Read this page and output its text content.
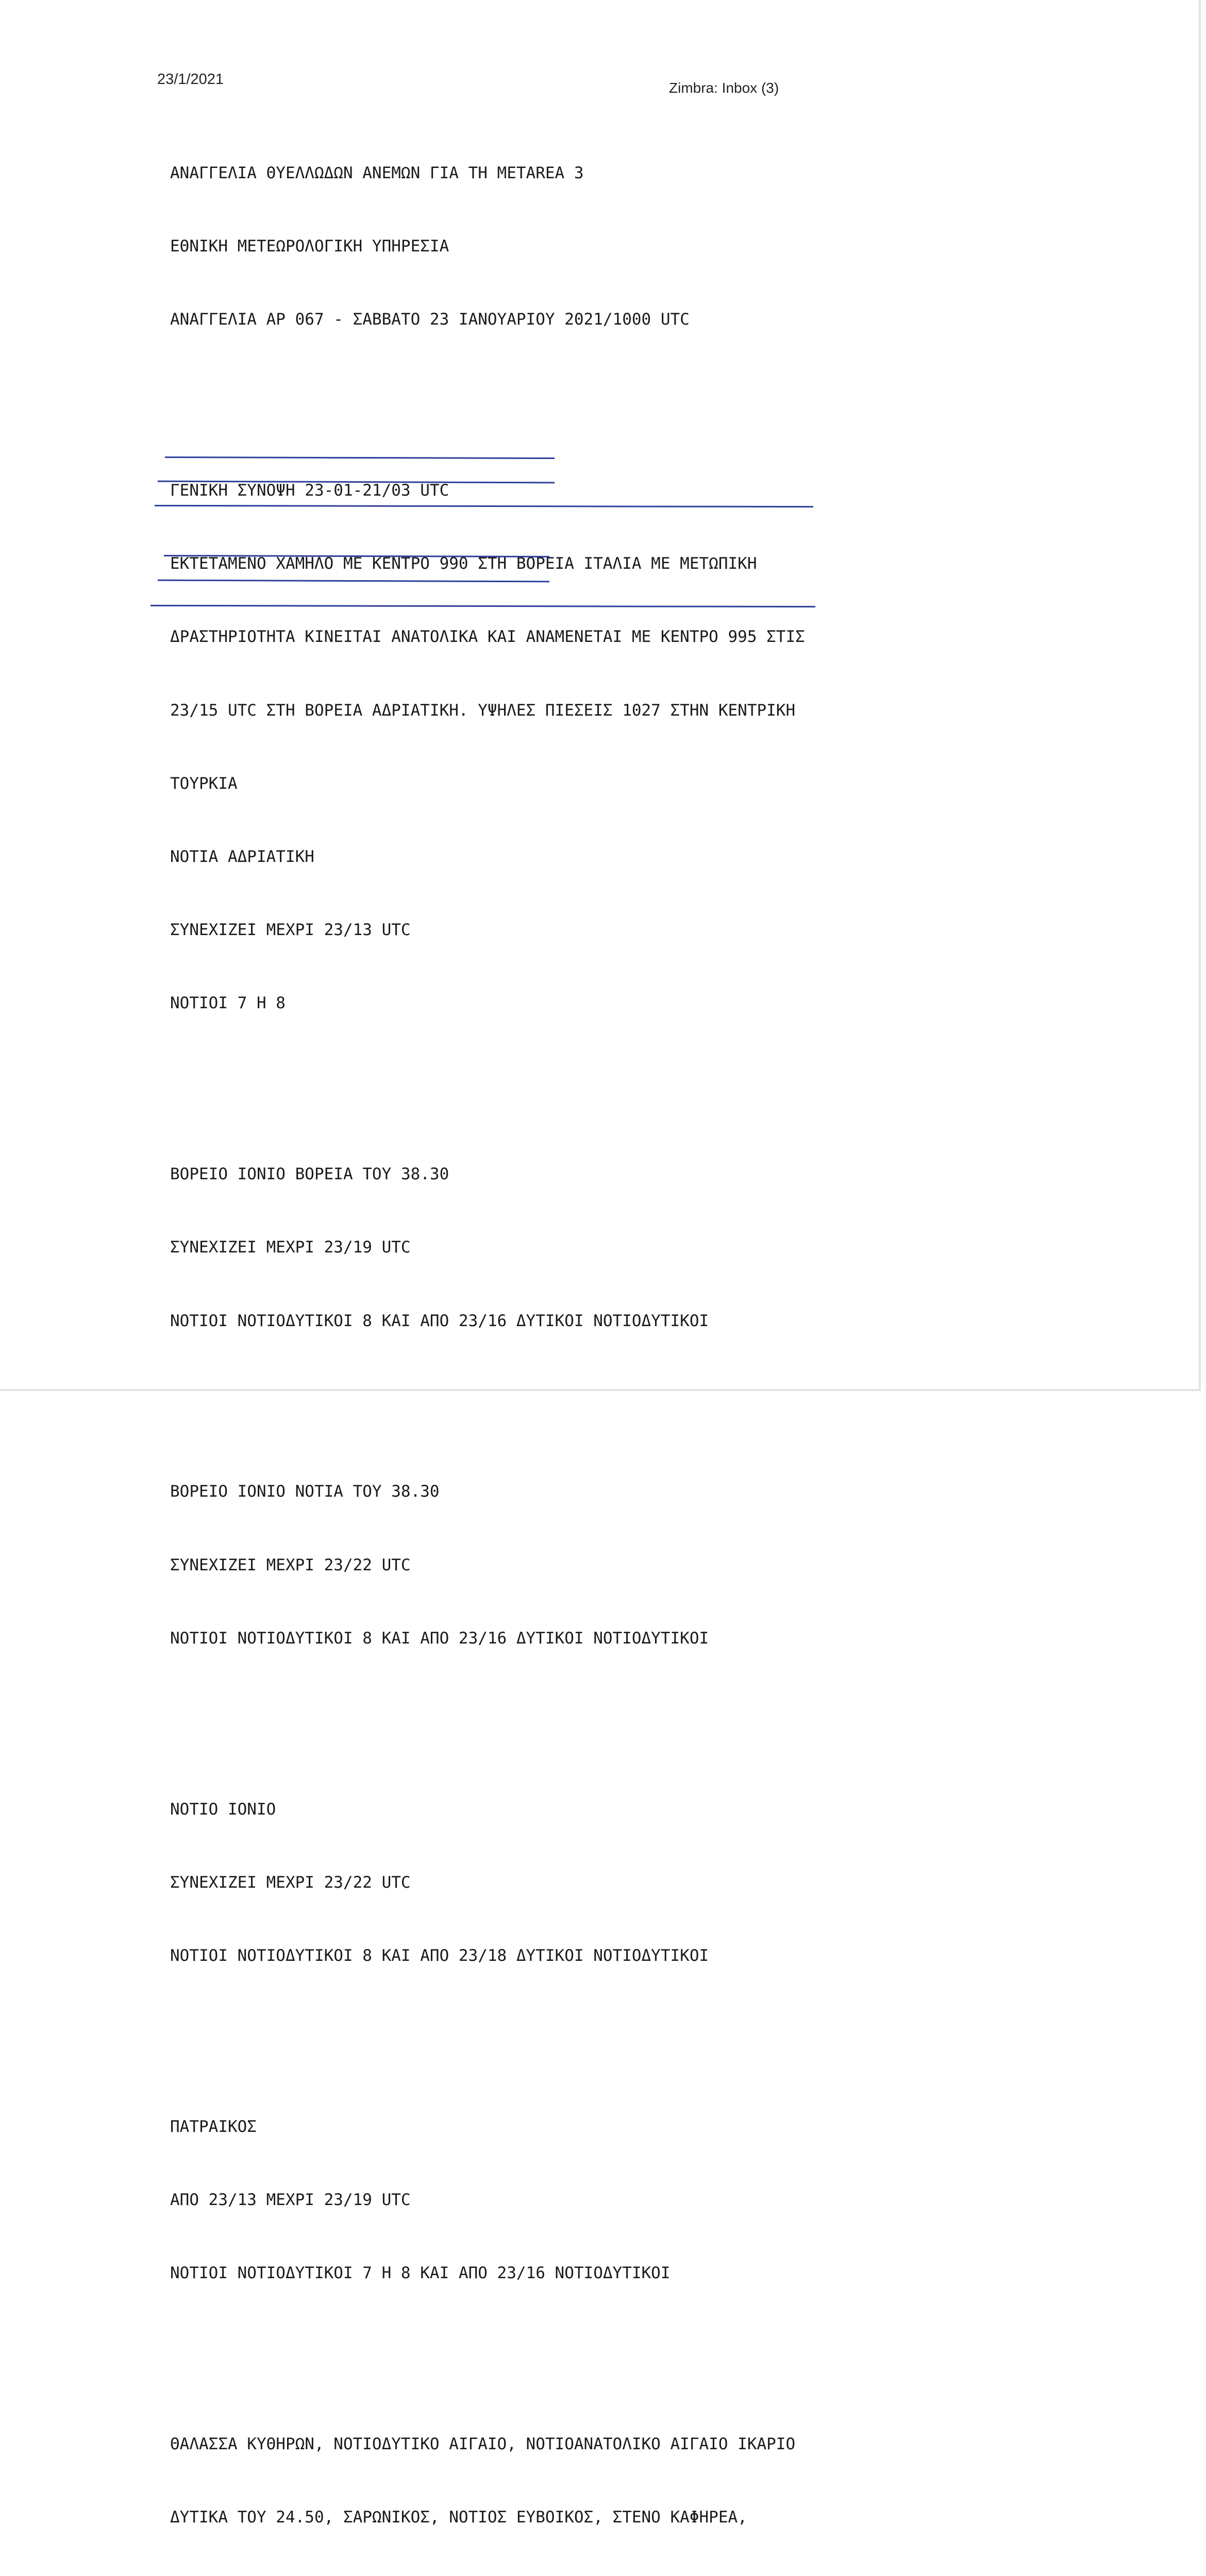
23/1/2021
Zimbra: Inbox (3)

ΑΝΑΓΓΕΛΙΑ ΘΥΕΛΛΩΔΩΝ ΑΝΕΜΩΝ ΓΙΑ ΤΗ METAREA 3

ΕΘΝΙΚΗ ΜΕΤΕΩΡΟΛΟΓΙΚΗ ΥΠΗΡΕΣΙΑ

ΑΝΑΓΓΕΛΙΑ ΑΡ 067 - ΣΑΒΒΑΤΟ 23 ΙΑΝΟΥΑΡΙΟΥ 2021/1000 UTC

ΓΕΝΙΚΗ ΣΥΝΟΨΗ 23-01-21/03 UTC

ΕΚΤΕΤΑΜΕΝΟ ΧΑΜΗΛΟ ΜΕ ΚΕΝΤΡΟ 990 ΣΤΗ ΒΟΡΕΙΑ ΙΤΑΛΙΑ ΜΕ ΜΕΤΩΠΙΚΗ

ΔΡΑΣΤΗΡΙΟΤΗΤΑ ΚΙΝΕΙΤΑΙ ΑΝΑΤΟΛΙΚΑ ΚΑΙ ΑΝΑΜΕΝΕΤΑΙ ΜΕ ΚΕΝΤΡΟ 995 ΣΤΙΣ

23/15 UTC ΣΤΗ ΒΟΡΕΙΑ ΑΔΡΙΑΤΙΚΗ. ΥΨΗΛΕΣ ΠΙΕΣΕΙΣ 1027 ΣΤΗΝ ΚΕΝΤΡΙΚΗ

ΤΟΥΡΚΙΑ

ΝΟΤΙΑ ΑΔΡΙΑΤΙΚΗ

ΣΥΝΕΧΙΖΕΙ ΜΕΧΡΙ 23/13 UTC

ΝΟΤΙΟΙ 7 Η 8

ΒΟΡΕΙΟ ΙΟΝΙΟ ΒΟΡΕΙΑ ΤΟΥ 38.30

ΣΥΝΕΧΙΖΕΙ ΜΕΧΡΙ 23/19 UTC

ΝΟΤΙΟΙ ΝΟΤΙΟΔΥΤΙΚΟΙ 8 ΚΑΙ ΑΠΟ 23/16 ΔΥΤΙΚΟΙ ΝΟΤΙΟΔΥΤΙΚΟΙ

ΒΟΡΕΙΟ ΙΟΝΙΟ ΝΟΤΙΑ ΤΟΥ 38.30

ΣΥΝΕΧΙΖΕΙ ΜΕΧΡΙ 23/22 UTC

ΝΟΤΙΟΙ ΝΟΤΙΟΔΥΤΙΚΟΙ 8 ΚΑΙ ΑΠΟ 23/16 ΔΥΤΙΚΟΙ ΝΟΤΙΟΔΥΤΙΚΟΙ

ΝΟΤΙΟ ΙΟΝΙΟ

ΣΥΝΕΧΙΖΕΙ ΜΕΧΡΙ 23/22 UTC

ΝΟΤΙΟΙ ΝΟΤΙΟΔΥΤΙΚΟΙ 8 ΚΑΙ ΑΠΟ 23/18 ΔΥΤΙΚΟΙ ΝΟΤΙΟΔΥΤΙΚΟΙ

ΠΑΤΡΑΙΚΟΣ

ΑΠΟ 23/13 ΜΕΧΡΙ 23/19 UTC

ΝΟΤΙΟΙ ΝΟΤΙΟΔΥΤΙΚΟΙ 7 Η 8 ΚΑΙ ΑΠΟ 23/16 ΝΟΤΙΟΔΥΤΙΚΟΙ

ΘΑΛΑΣΣΑ ΚΥΘΗΡΩΝ, ΝΟΤΙΟΔΥΤΙΚΟ ΑΙΓΑΙΟ, ΝΟΤΙΟΑΝΑΤΟΛΙΚΟ ΑΙΓΑΙΟ ΙΚΑΡΙΟ

ΔΥΤΙΚΑ ΤΟΥ 24.50, ΣΑΡΩΝΙΚΟΣ, ΝΟΤΙΟΣ ΕΥΒΟΙΚΟΣ, ΣΤΕΝΟ ΚΑΦΗΡΕΑ,
